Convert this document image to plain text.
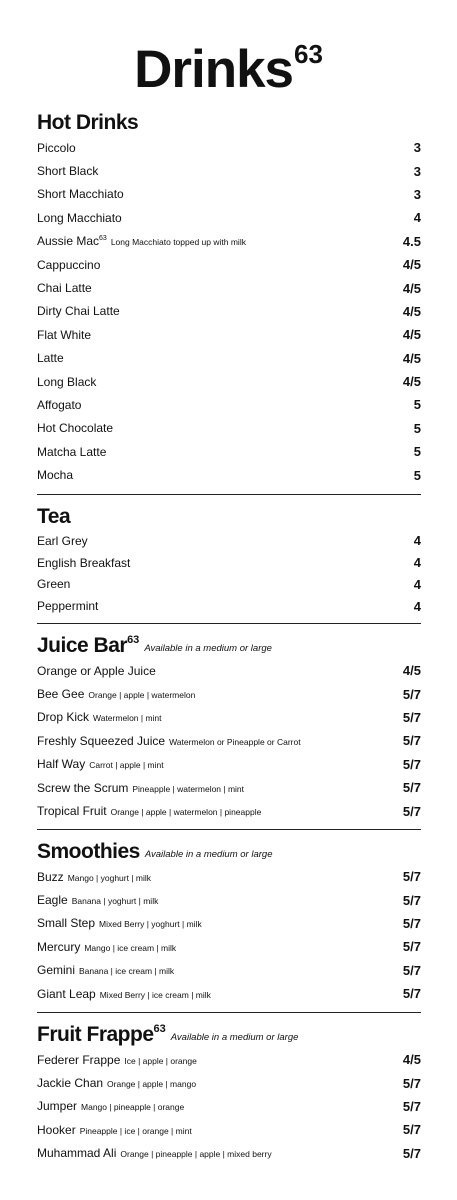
Drinks$^{63}$
Hot Drinks
Piccolo	3
Short Black	3
Short Macchiato	3
Long Macchiato	4
Aussie Mac$^{63}$ Long Macchiato topped up with milk	4.5
Cappuccino	4/5
Chai Latte	4/5
Dirty Chai Latte	4/5
Flat White	4/5
Latte	4/5
Long Black	4/5
Affogato	5
Hot Chocolate	5
Matcha Latte	5
Mocha	5
Tea
Earl Grey	4
English Breakfast	4
Green	4
Peppermint	4
Juice Bar$^{63}$
Available in a medium or large
Orange or Apple Juice	4/5
Bee Gee Orange | apple | watermelon	5/7
Drop Kick Watermelon | mint	5/7
Freshly Squeezed Juice Watermelon or Pineapple or Carrot	5/7
Half Way Carrot | apple | mint	5/7
Screw the Scrum Pineapple | watermelon | mint	5/7
Tropical Fruit Orange | apple | watermelon | pineapple	5/7
Smoothies Available in a medium or large
Buzz Mango | yoghurt | milk	5/7
Eagle Banana | yoghurt | milk	5/7
Small Step Mixed Berry | yoghurt | milk	5/7
Mercury Mango | ice cream | milk	5/7
Gemini Banana | ice cream | milk	5/7
Giant Leap Mixed Berry | ice cream | milk	5/7
Fruit Frappe$^{63}$
Available in a medium or large
Federer Frappe Ice | apple | orange	4/5
Jackie Chan Orange | apple | mango	5/7
Jumper Mango | pineapple | orange	5/7
Hooker Pineapple | ice | orange | mint	5/7
Muhammad Ali Orange | pineapple | apple | mixed berry	5/7
